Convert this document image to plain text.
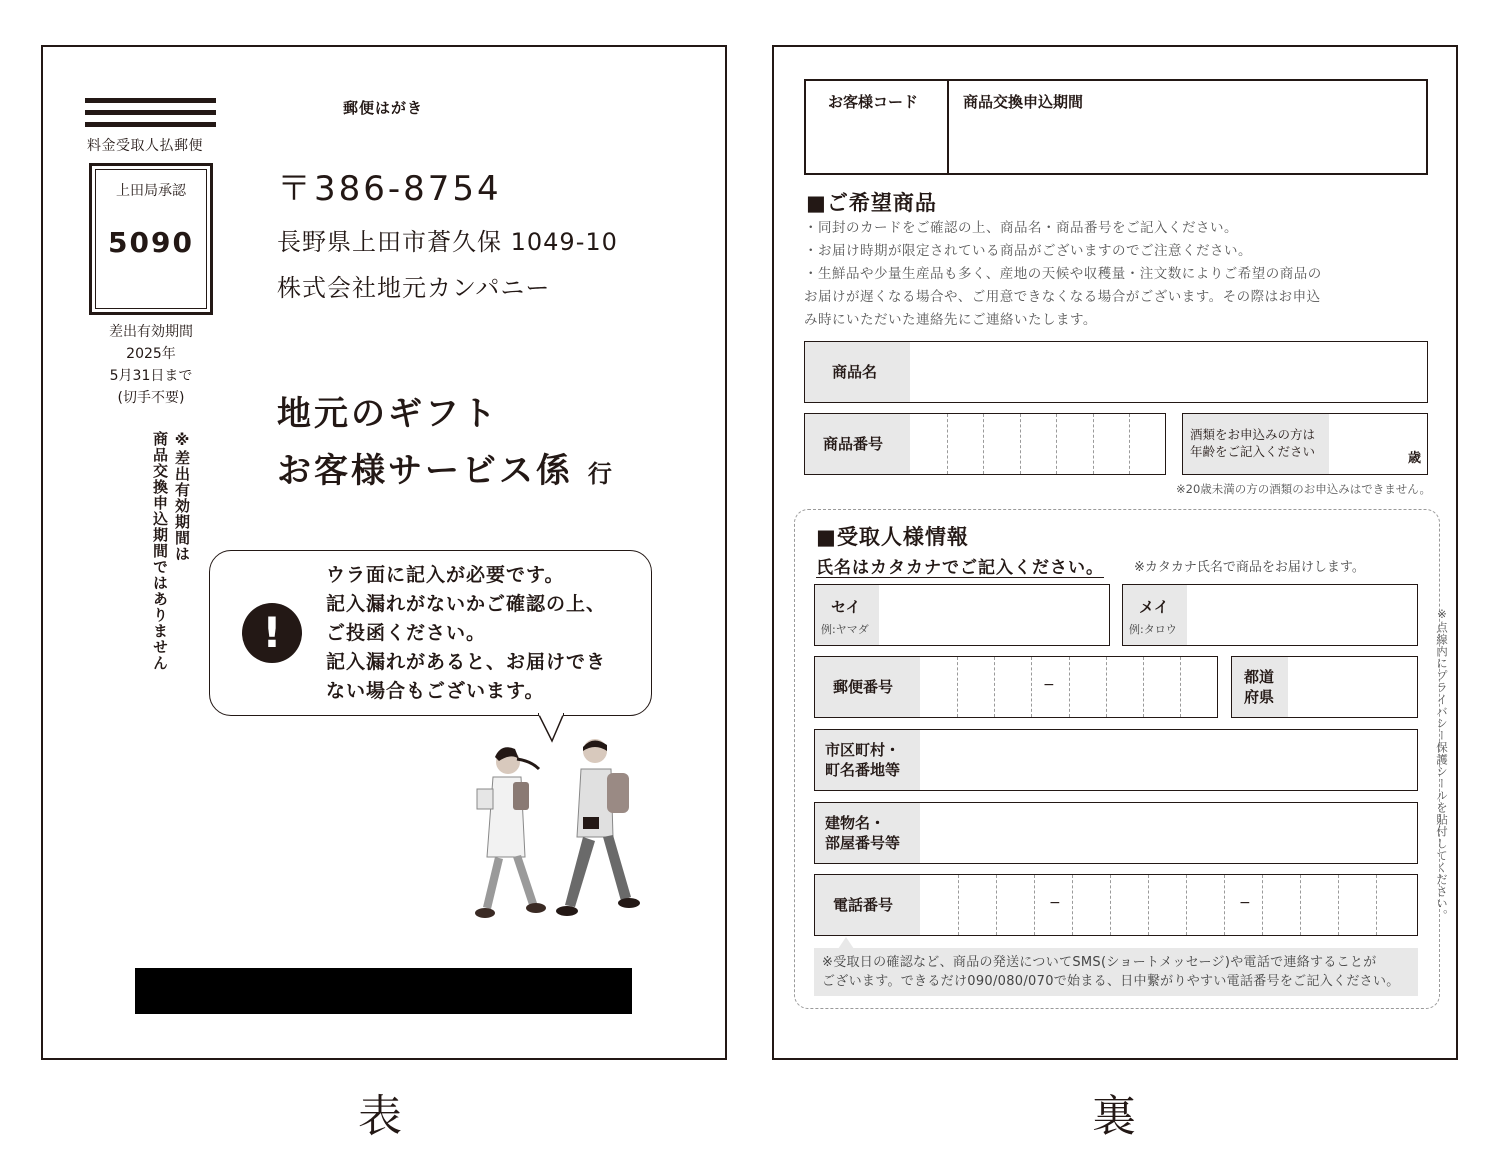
料金受取人払郵便
上田局承認
5090
差出有効期間
2025年
5月31日まで
(切手不要)
※差出有効期間は
商品交換申込期間ではありません
郵便はがき
〒386-8754
長野県上田市蒼久保 1049-10
株式会社地元カンパニー
地元のギフト
お客様サービス係 行
!
ウラ面に記入が必要です。
記入漏れがないかご確認の上、
ご投函ください。
記入漏れがあると、お届けでき
ない場合もございます。
お客様コード	商品交換申込期間
■ご希望商品
・同封のカードをご確認の上、商品名・商品番号をご記入ください。
・お届け時期が限定されている商品がございますのでご注意ください。
・生鮮品や少量生産品も多く、産地の天候や収穫量・注文数によりご希望の商品の
お届けが遅くなる場合や、ご用意できなくなる場合がございます。その際はお申込
み時にいただいた連絡先にご連絡いたします。
商品名
商品番号
酒類をお申込みの方は
年齢をご記入ください	歳
※20歳未満の方の酒類のお申込みはできません。
※点線内にプライバシー保護シールを貼付してください。
■受取人様情報
氏名はカタカナでご記入ください。 ※カタカナ氏名で商品をお届けします。
セイ
例:ヤマダ
メイ
例:タロウ
郵便番号	−	都道
府県
市区町村・
町名番地等
建物名・
部屋番号等
電話番号	−	−
※受取日の確認など、商品の発送についてSMS(ショートメッセージ)や電話で連絡することが
ございます。できるだけ090/080/070で始まる、日中繋がりやすい電話番号をご記入ください。
表	裏
